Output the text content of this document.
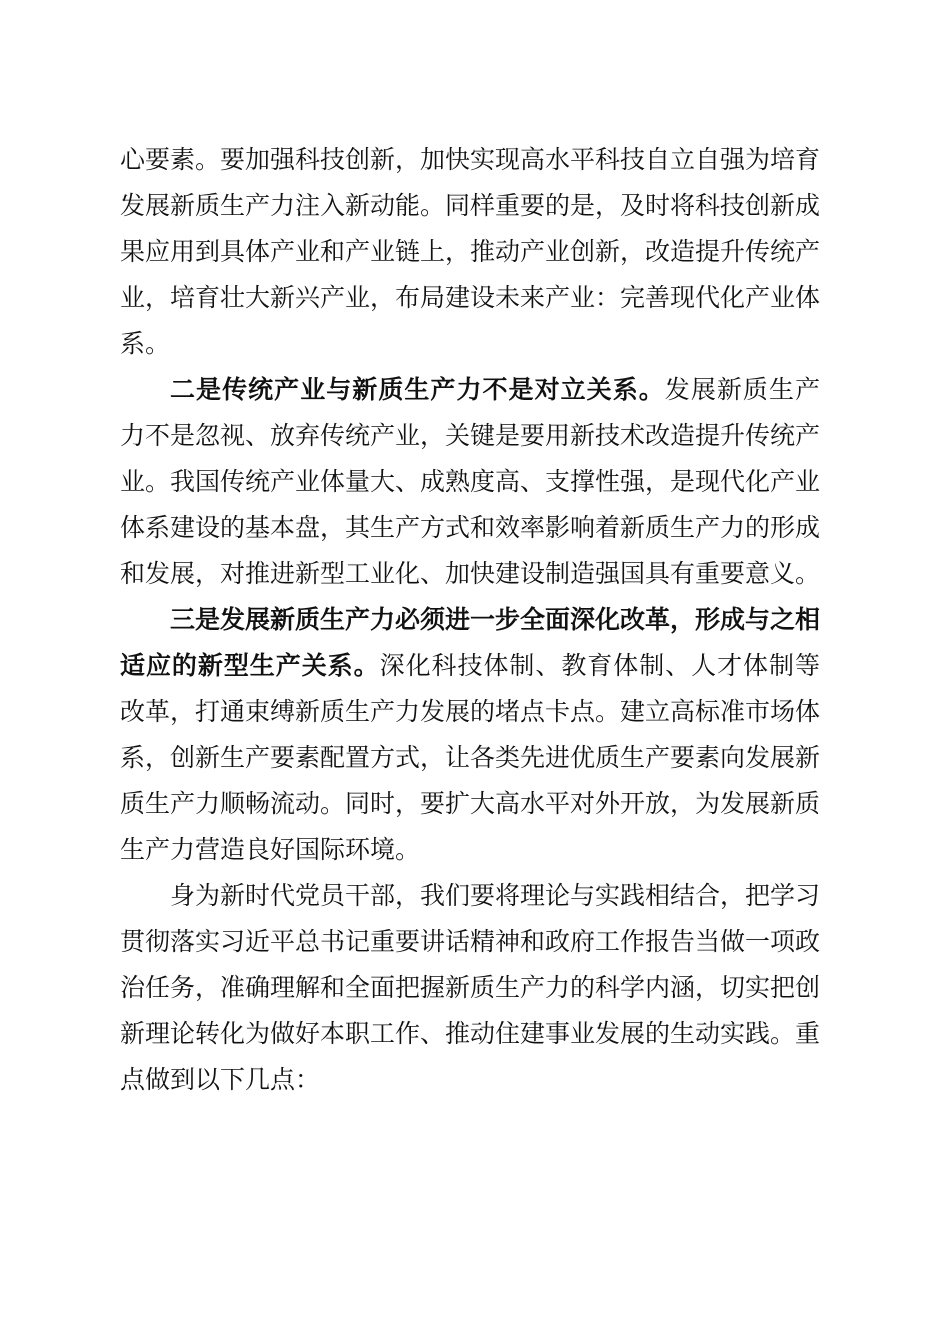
心要素。要加强科技创新，加快实现高水平科技自立自强为培育发展新质生产力注入新动能。同样重要的是，及时将科技创新成果应用到具体产业和产业链上，推动产业创新，改造提升传统产业，培育壮大新兴产业，布局建设未来产业：完善现代化产业体系。

二是传统产业与新质生产力不是对立关系。发展新质生产力不是忽视、放弃传统产业，关键是要用新技术改造提升传统产业。我国传统产业体量大、成熟度高、支撑性强，是现代化产业体系建设的基本盘，其生产方式和效率影响着新质生产力的形成和发展，对推进新型工业化、加快建设制造强国具有重要意义。

三是发展新质生产力必须进一步全面深化改革，形成与之相适应的新型生产关系。深化科技体制、教育体制、人才体制等改革，打通束缚新质生产力发展的堵点卡点。建立高标准市场体系，创新生产要素配置方式，让各类先进优质生产要素向发展新质生产力顺畅流动。同时，要扩大高水平对外开放，为发展新质生产力营造良好国际环境。

身为新时代党员干部，我们要将理论与实践相结合，把学习贯彻落实习近平总书记重要讲话精神和政府工作报告当做一项政治任务，准确理解和全面把握新质生产力的科学内涵，切实把创新理论转化为做好本职工作、推动住建事业发展的生动实践。重点做到以下几点：
